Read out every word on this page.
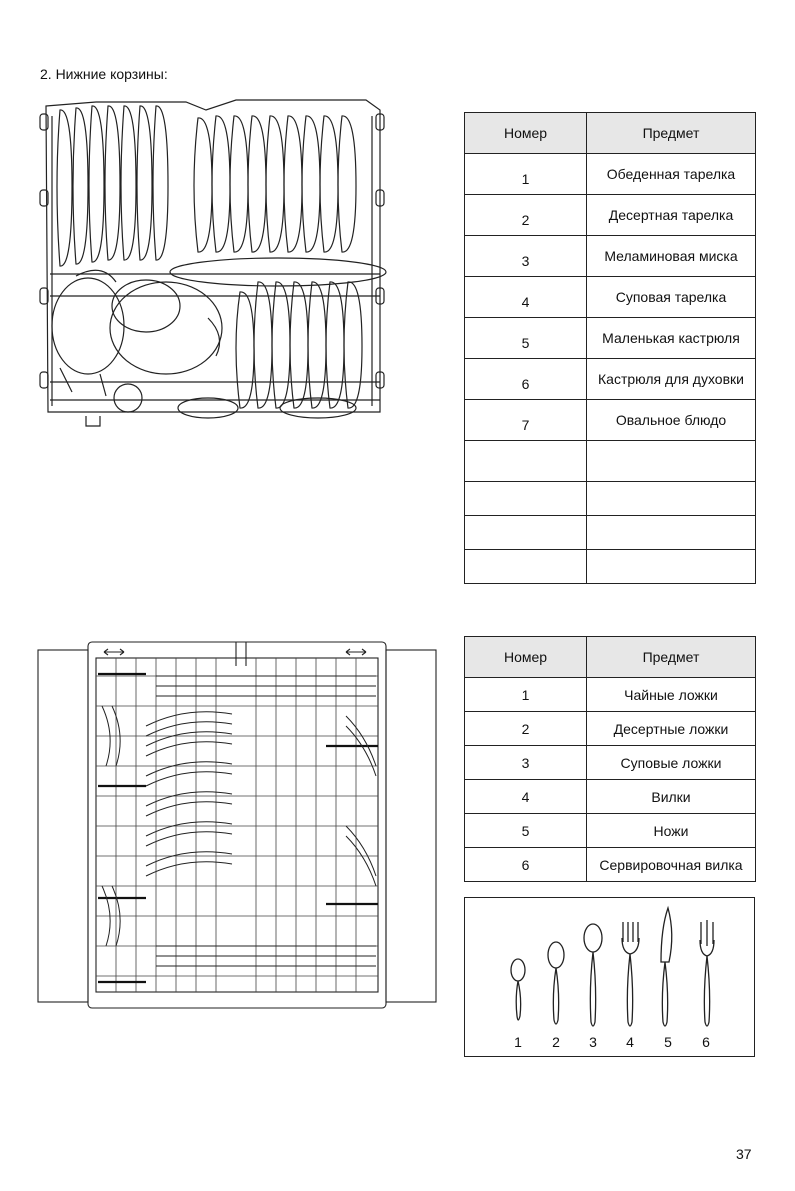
2. Нижние корзины:
Номер	Предмет
1	Обеденная тарелка
2	Десертная тарелка
3	Меламиновая миска
4	Суповая тарелка
5	Маленькая кастрюля
6	Кастрюля для духовки
7	Овальное блюдо

Номер	Предмет
1	Чайные ложки
2	Десертные ложки
3	Суповые ложки
4	Вилки
5	Ножи
6	Сервировочная вилка
1	2	3	4	5	6
37
